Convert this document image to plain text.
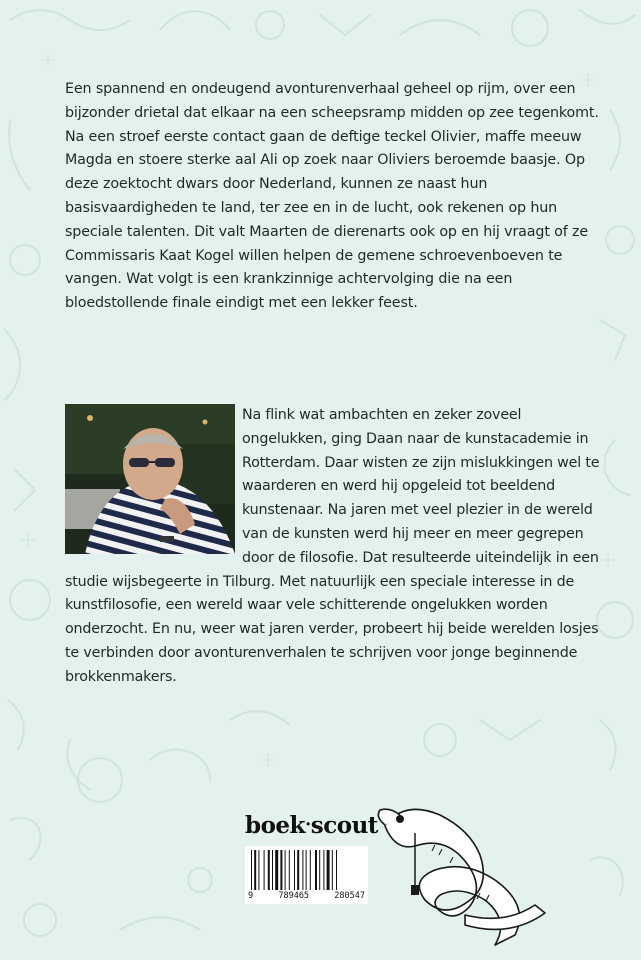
Een spannend en ondeugend avonturenverhaal geheel op rijm, over een bijzonder drietal dat elkaar na een scheepsramp midden op zee tegenkomt. Na een stroef eerste contact gaan de deftige teckel Olivier, maffe meeuw Magda en stoere sterke aal Ali op zoek naar Oliviers beroemde baasje. Op deze zoektocht dwars door Nederland, kunnen ze naast hun basisvaardigheden te land, ter zee en in de lucht, ook rekenen op hun speciale talenten. Dit valt Maarten de dierenarts ook op en hij vraagt of ze Commissaris Kaat Kogel willen helpen de gemene schroevenboeven te vangen. Wat volgt is een krankzinnige achtervolging die na een bloedstollende finale eindigt met een lekker feest.

Na flink wat ambachten en zeker zoveel ongelukken, ging Daan naar de kunstacademie in Rotterdam. Daar wisten ze zijn mislukkingen wel te waarderen en werd hij opgeleid tot beeldend kunstenaar. Na jaren met veel plezier in de wereld van de kunsten werd hij meer en meer gegrepen door de filosofie. Dat resulteerde uiteindelijk in een studie wijsbegeerte in Tilburg. Met natuurlijk een speciale interesse in de kunstfilosofie, een wereld waar vele schitterende ongelukken worden onderzocht. En nu, weer wat jaren verder, probeert hij beide werelden losjes te verbinden door avonturenverhalen te schrijven voor jonge beginnende brokkenmakers.

boek·scout
9	789465	280547
